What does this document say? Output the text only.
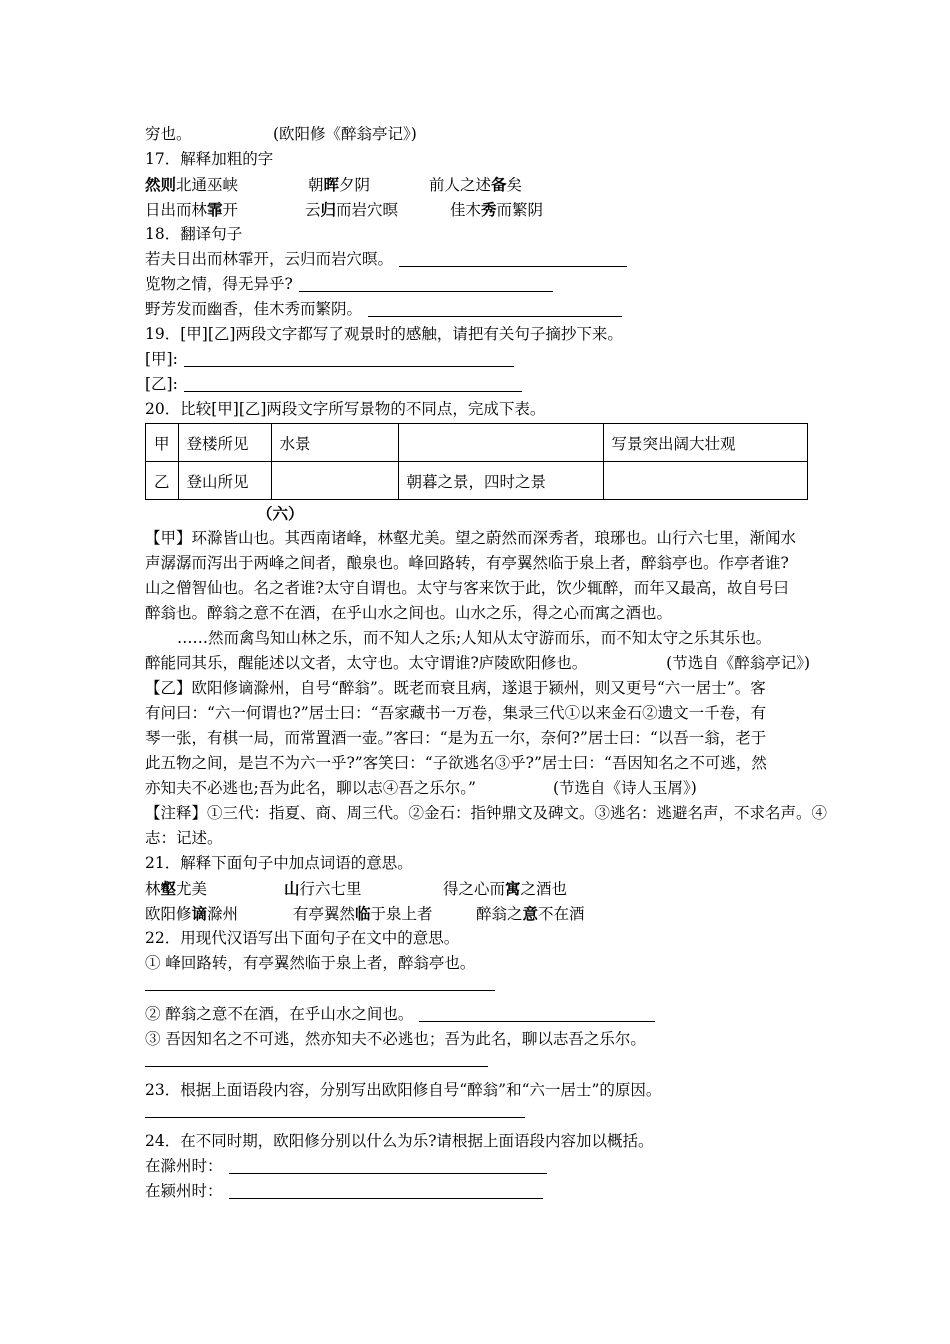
穷也。	(欧阳修《醉翁亭记》)
17．解释加粗的字
然则北通巫峡	朝晖夕阴	前人之述备矣
日出而林霏开	云归而岩穴暝	佳木秀而繁阴
18．翻译句子
若夫日出而林霏开，云归而岩穴暝。
览物之情，得无异乎?
野芳发而幽香，佳木秀而繁阴。
19．[甲][乙]两段文字都写了观景时的感触，请把有关句子摘抄下来。
[甲]:
[乙]:
20．比较[甲][乙]两段文字所写景物的不同点，完成下表。
甲	登楼所见	水景		写景突出阔大壮观
乙	登山所见		朝暮之景，四时之景	
（六）
【甲】环滁皆山也。其西南诸峰，林壑尤美。望之蔚然而深秀者，琅琊也。山行六七里，渐闻水
声潺潺而泻出于两峰之间者，酿泉也。峰回路转，有亭翼然临于泉上者，醉翁亭也。作亭者谁?
山之僧智仙也。名之者谁?太守自谓也。太守与客来饮于此，饮少辄醉，而年又最高，故自号曰
醉翁也。醉翁之意不在酒，在乎山水之间也。山水之乐，得之心而寓之酒也。
……然而禽鸟知山林之乐，而不知人之乐;人知从太守游而乐，而不知太守之乐其乐也。
醉能同其乐，醒能述以文者，太守也。太守谓谁?庐陵欧阳修也。	(节选自《醉翁亭记》)
【乙】欧阳修谪滁州，自号“醉翁”。既老而衰且病，遂退于颍州，则又更号“六一居士”。客
有问曰：“六一何谓也?”居士曰：“吾家藏书一万卷，集录三代①以来金石②遗文一千卷，有
琴一张，有棋一局，而常置酒一壶。”客曰：“是为五一尔，奈何?”居士曰：“以吾一翁，老于
此五物之间，是岂不为六一乎?”客笑曰：“子欲逃名③乎?”居士曰：“吾因知名之不可逃，然
亦知夫不必逃也;吾为此名，聊以志④吾之乐尔。”	(节选自《诗人玉屑》)
【注释】①三代：指夏、商、周三代。②金石：指钟鼎文及碑文。③逃名：逃避名声，不求名声。④
志：记述。
21．解释下面句子中加点词语的意思。
林壑尤美	山行六七里	得之心而寓之酒也
欧阳修谪滁州	有亭翼然临于泉上者	醉翁之意不在酒
22．用现代汉语写出下面句子在文中的意思。
① 峰回路转，有亭翼然临于泉上者，醉翁亭也。
② 醉翁之意不在酒，在乎山水之间也。
③ 吾因知名之不可逃，然亦知夫不必逃也；吾为此名，聊以志吾之乐尔。
23．根据上面语段内容，分别写出欧阳修自号“醉翁”和“六一居士”的原因。
24．在不同时期，欧阳修分别以什么为乐?请根据上面语段内容加以概括。
在滁州时：
在颍州时：
